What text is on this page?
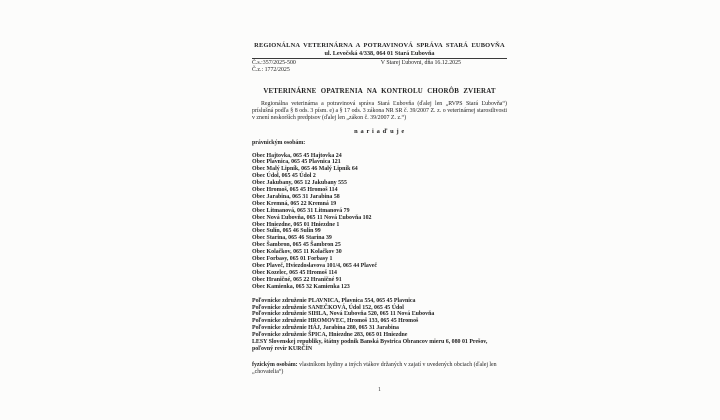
REGIONÁLNA VETERINÁRNA A POTRAVINOVÁ SPRÁVA STARÁ ĽUBOVŇA
ul. Levočská 4/338, 064 01 Stará Ľubovňa
Č.s.:357/2025-500	V Starej Ľubovni, dňa 16.12.2025
Č.z.: 1772/2025
VETERINÁRNE OPATRENIA NA KONTROLU CHORÔB ZVIERAT

Regionálna veterinárna a potravinová správa Stará Ľubovňa (ďalej len „RVPS Stará Ľubovňa“) príslušná podľa § 8 ods. 3 písm. e) a § 17 ods. 3 zákona NR SR č. 39/2007 Z. z. o veterinárnej starostlivosti v znení neskorších predpisov (ďalej len „zákon č. 39/2007 Z. z.“)

n a r i a ď u j e
právnickým osobám:
Obec Hajtovka, 065 45 Hajtovka 24
Obec Plavnica, 065 45 Plavnica 121
Obec Malý Lipník, 065 46 Malý Lipník 64
Obec Údol, 065 45 Údol 2
Obec Jakubany, 065 12 Jakubany 555
Obec Hromoš, 065 45 Hromoš 114
Obec Jarabina, 065 31 Jarabina 58
Obec Kremná, 065 22 Kremná 19
Obec Litmanová, 065 31 Litmanová 79
Obec Nová Ľubovňa, 065 11 Nová Ľubovňa 102
Obec Hniezdne, 065 01 Hniezdne 1
Obec Sulín, 065 46 Sulín 99
Obec Starina, 065 46 Starina 39
Obec Šambron, 065 45 Šambron 25
Obec Kolačkov, 065 11 Kolačkov 30
Obec Forbasy, 065 01 Forbasy 1
Obec Plaveč, Hviezdoslavova 101/4, 065 44 Plaveč
Obec Kozelec, 065 45 Hromoš 114
Obec Hraničné, 065 22 Hraničné 91
Obec Kamienka, 065 32 Kamienka 123
Poľovnícke združenie PLAVNICA, Plavnica 554, 065 45 Plavnica
Poľovnícke združenie SANEČKOVÁ, Údol 152, 065 45 Údol
Poľovnícke združenie SIHLA, Nová Ľubovňa 520, 065 11 Nová Ľubovňa
Poľovnícke združenie HROMOVEC, Hromoš 133, 065 45 Hromoš
Poľovnícke združenie HÁJ, Jarabina 280, 065 31 Jarabina
Poľovnícke združenie ŠPICA, Hniezdne 283, 065 01 Hniezdne
LESY Slovenskej republiky, štátny podnik Banská Bystrica Obrancov mieru 6, 080 01 Prešov, poľovný revír KURČÍN

fyzickým osobám: vlastníkom hydiny a iných vtákov držaných v zajatí v uvedených obciach (ďalej len „chovatelia“)

1
